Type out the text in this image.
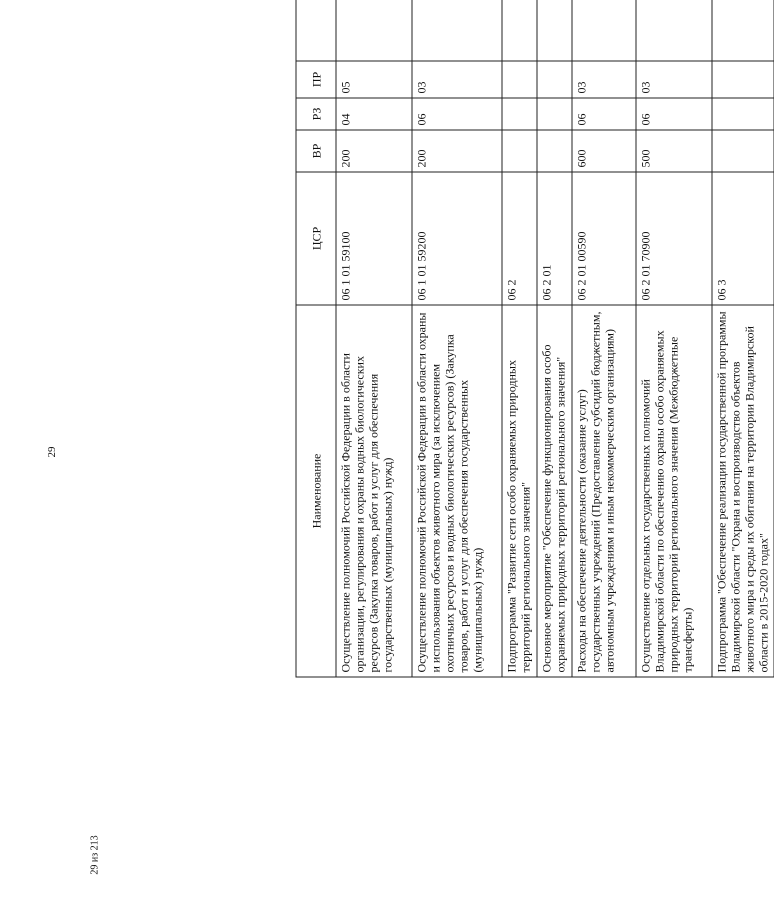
29
29 из 213
Наименование	ЦСР	ВР	РЗ	ПР	
Осуществление полномочий Российской Федерации в области организации, регулирования и охраны водных биологических ресурсов (Закупка товаров, работ и услуг для обеспечения государственных (муниципальных) нужд)	06 1 01 59100	200	04	05	
Осуществление полномочий Российской Федерации в области охраны и использования объектов животного мира (за исключением охотничьих ресурсов и водных биологических ресурсов) (Закупка товаров, работ и услуг для обеспечения государственных (муниципальных) нужд)	06 1 01 59200	200	06	03	
Подпрограмма "Развитие сети особо охраняемых природных территорий регионального значения"	06 2				
Основное мероприятие "Обеспечение функционирования особо охраняемых природных территорий регионального значения"	06 2 01				
Расходы на обеспечение деятельности (оказание услуг) государственных учреждений (Предоставление субсидий бюджетным, автономным учреждениям и иным некоммерческим организациям)	06 2 01 00590	600	06	03	
Осуществление отдельных государственных полномочий Владимирской области по обеспечению охраны особо охраняемых природных территорий регионального значения (Межбюджетные трансферты)	06 2 01 70900	500	06	03	
Подпрограмма "Обеспечение реализации государственной программы Владимирской области "Охрана и воспроизводство объектов животного мира и среды их обитания на территории Владимирской области в 2015-2020 годах"	06 3				
